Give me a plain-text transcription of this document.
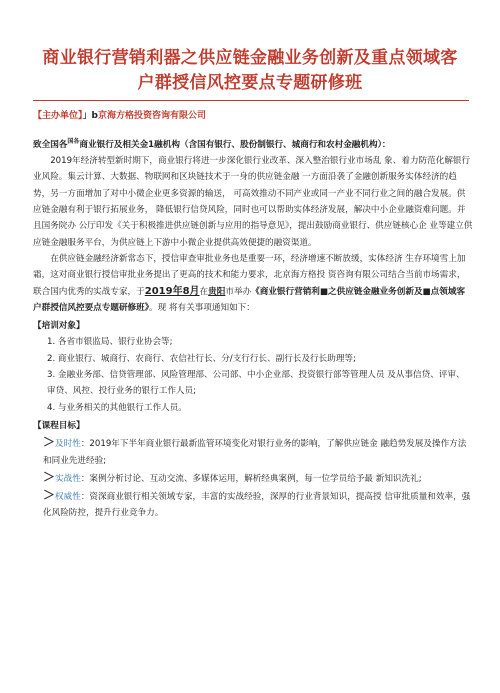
商业银行营销利器之供应链金融业务创新及重点领域客
户群授信风控要点专题研修班
【主办单位】」b京海方格投资咨询有限公司

致全国各$^{国各}$商业银行及相关金1融机构（含国有银行、股份制银行、城商行和农村金融机构）：

2019年经济转型新时期下，商业银行将进一步深化银行业改革、深入整治银行业市场乱 象、着力防范化解银行业风险。集云计算、大数据、物联网和区块链技术于一身的供应链金融 一方面沿袭了金融创新服务实体经济的趋势，另一方面增加了对中小微企业更多资源的输送， 可高效推动不同产业或同一产业不同行业之间的融合发展。供应链金融有利于银行拓展业务， 降低银行信贷风险，同时也可以帮助实体经济发展，解决中小企业融资难问题。并且国务院办 公厅印发《关于积极推进供应链创新与应用的指导意见》，提出鼓励商业银行、供应链核心企 业等建立供应链金融服务平台，为供应链上下游中小微企业提供高效便捷的融资渠道。

在供应链金融经济新常态下，授信审查审批业务也是重要一环，经济增速不断放缓，实体经济 生存环境雪上加霜，这对商业银行授信审批业务提出了更高的技术和能力要求，北京海方格投 资咨询有限公司结合当前市场需求，联合国内优秀的实战专家，于2019年8月在贵阳市举办《商业银行营销利■之供应链金融业务创新及■点领域客户群授信风控要点专题研修班》。现 将有关事项通知如下：

【培训对象】

1. 各省市银监局、银行业协会等;

2. 商业银行、城商行、农商行、农信社行长、分/支行行长、副行长及行长助理等;

3. 金融业务部、信贷管理部、风险管理部、公司部、中小企业部、投资银行部等管理人员 及从事信贷、评审、审贷、风控、投行业务的银行工作人员;

4. 与业务相关的其他银行工作人员。

【课程目标】

＞及时性：2019年下半年商业银行最新监管环境变化对银行业务的影响，了解供应链金 融趋势发展及操作方法和同业先进经验;

＞实战性：案例分析讨论、互动交流、多媒体运用，解析经典案例，每一位学员给予最 新知识洗礼;

＞权威性：资深商业银行相关领域专家，丰富的实战经验，深厚的行业背景知识，提高授 信审批质量和效率，强化风险防控，提升行业竞争力。
